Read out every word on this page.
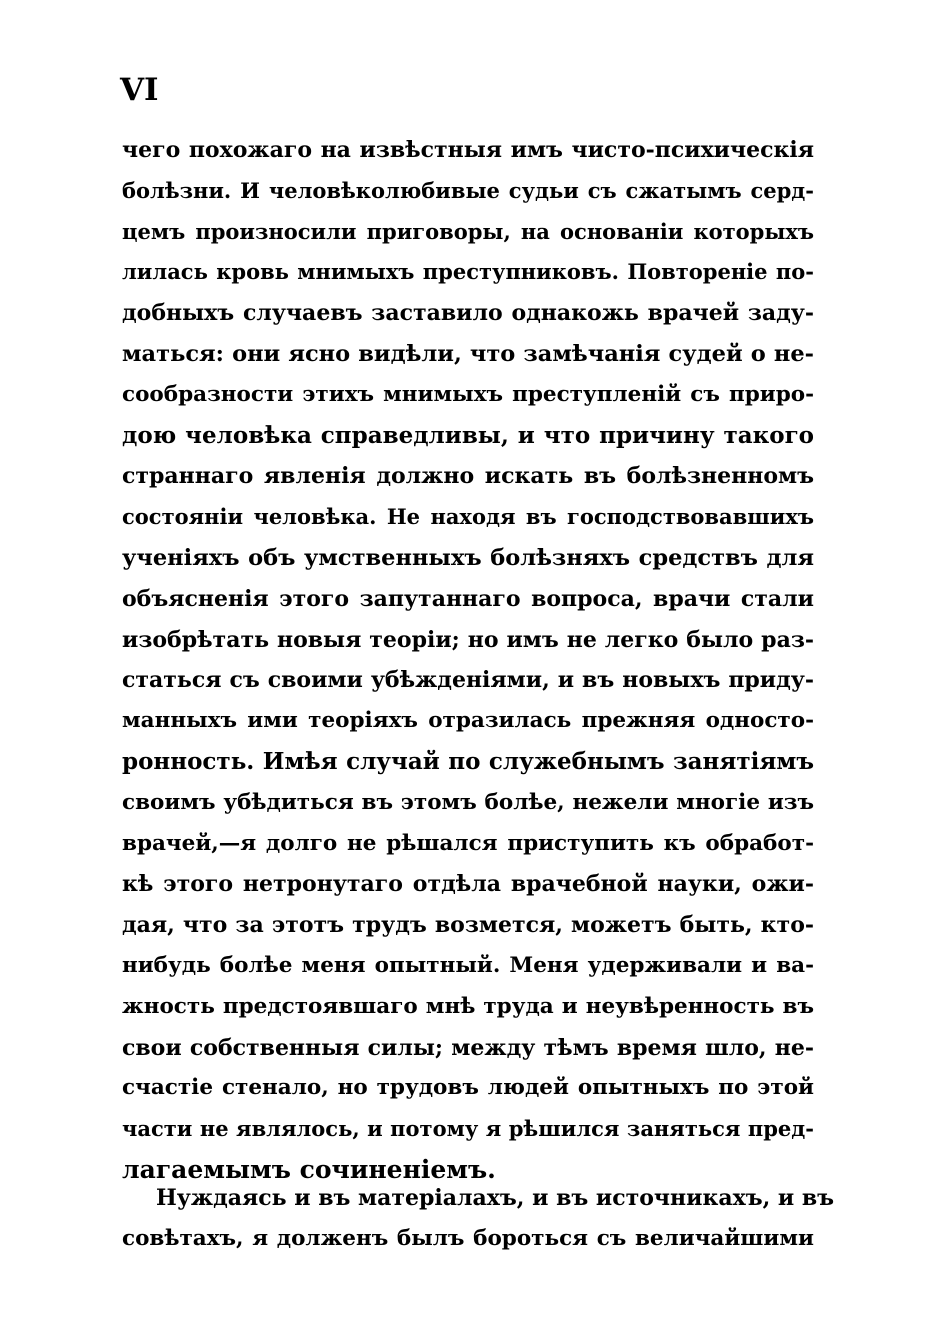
VI
чего похожаго на извѣстныя имъ чисто-психическія
болѣзни. И человѣколюбивые судьи съ сжатымъ серд-
цемъ произносили приговоры, на основаніи которыхъ
лилась кровь мнимыхъ преступниковъ. Повтореніе по-
добныхъ случаевъ заставило однакожь врачей заду-
маться: они ясно видѣли, что замѣчанія судей о не-
сообразности этихъ мнимыхъ преступленій съ приро-
дою человѣка справедливы, и что причину такого
страннаго явленія должно искать въ болѣзненномъ
состояніи человѣка. Не находя въ господствовавшихъ
ученіяхъ объ умственныхъ болѣзняхъ средствъ для
объясненія этого запутаннаго вопроса, врачи стали
изобрѣтать новыя теоріи; но имъ не легко было раз-
статься съ своими убѣжденіями, и въ новыхъ приду-
манныхъ ими теоріяхъ отразилась прежняя односто-
ронность. Имѣя случай по служебнымъ занятіямъ
своимъ убѣдиться въ этомъ болѣе, нежели многіе изъ
врачей,—я долго не рѣшался приступить къ обработ-
кѣ этого нетронутаго отдѣла врачебной науки, ожи-
дая, что за этотъ трудъ возмется, можетъ быть, кто-
нибудь болѣе меня опытный. Меня удерживали и ва-
жность предстоявшаго мнѣ труда и неувѣренность въ
свои собственныя силы; между тѣмъ время шло, не-
счастіе стенало, но трудовъ людей опытныхъ по этой
части не являлось, и потому я рѣшился заняться пред-
лагаемымъ сочиненіемъ.
Нуждаясь и въ матеріалахъ, и въ источникахъ, и въ
совѣтахъ, я долженъ былъ бороться съ величайшими
